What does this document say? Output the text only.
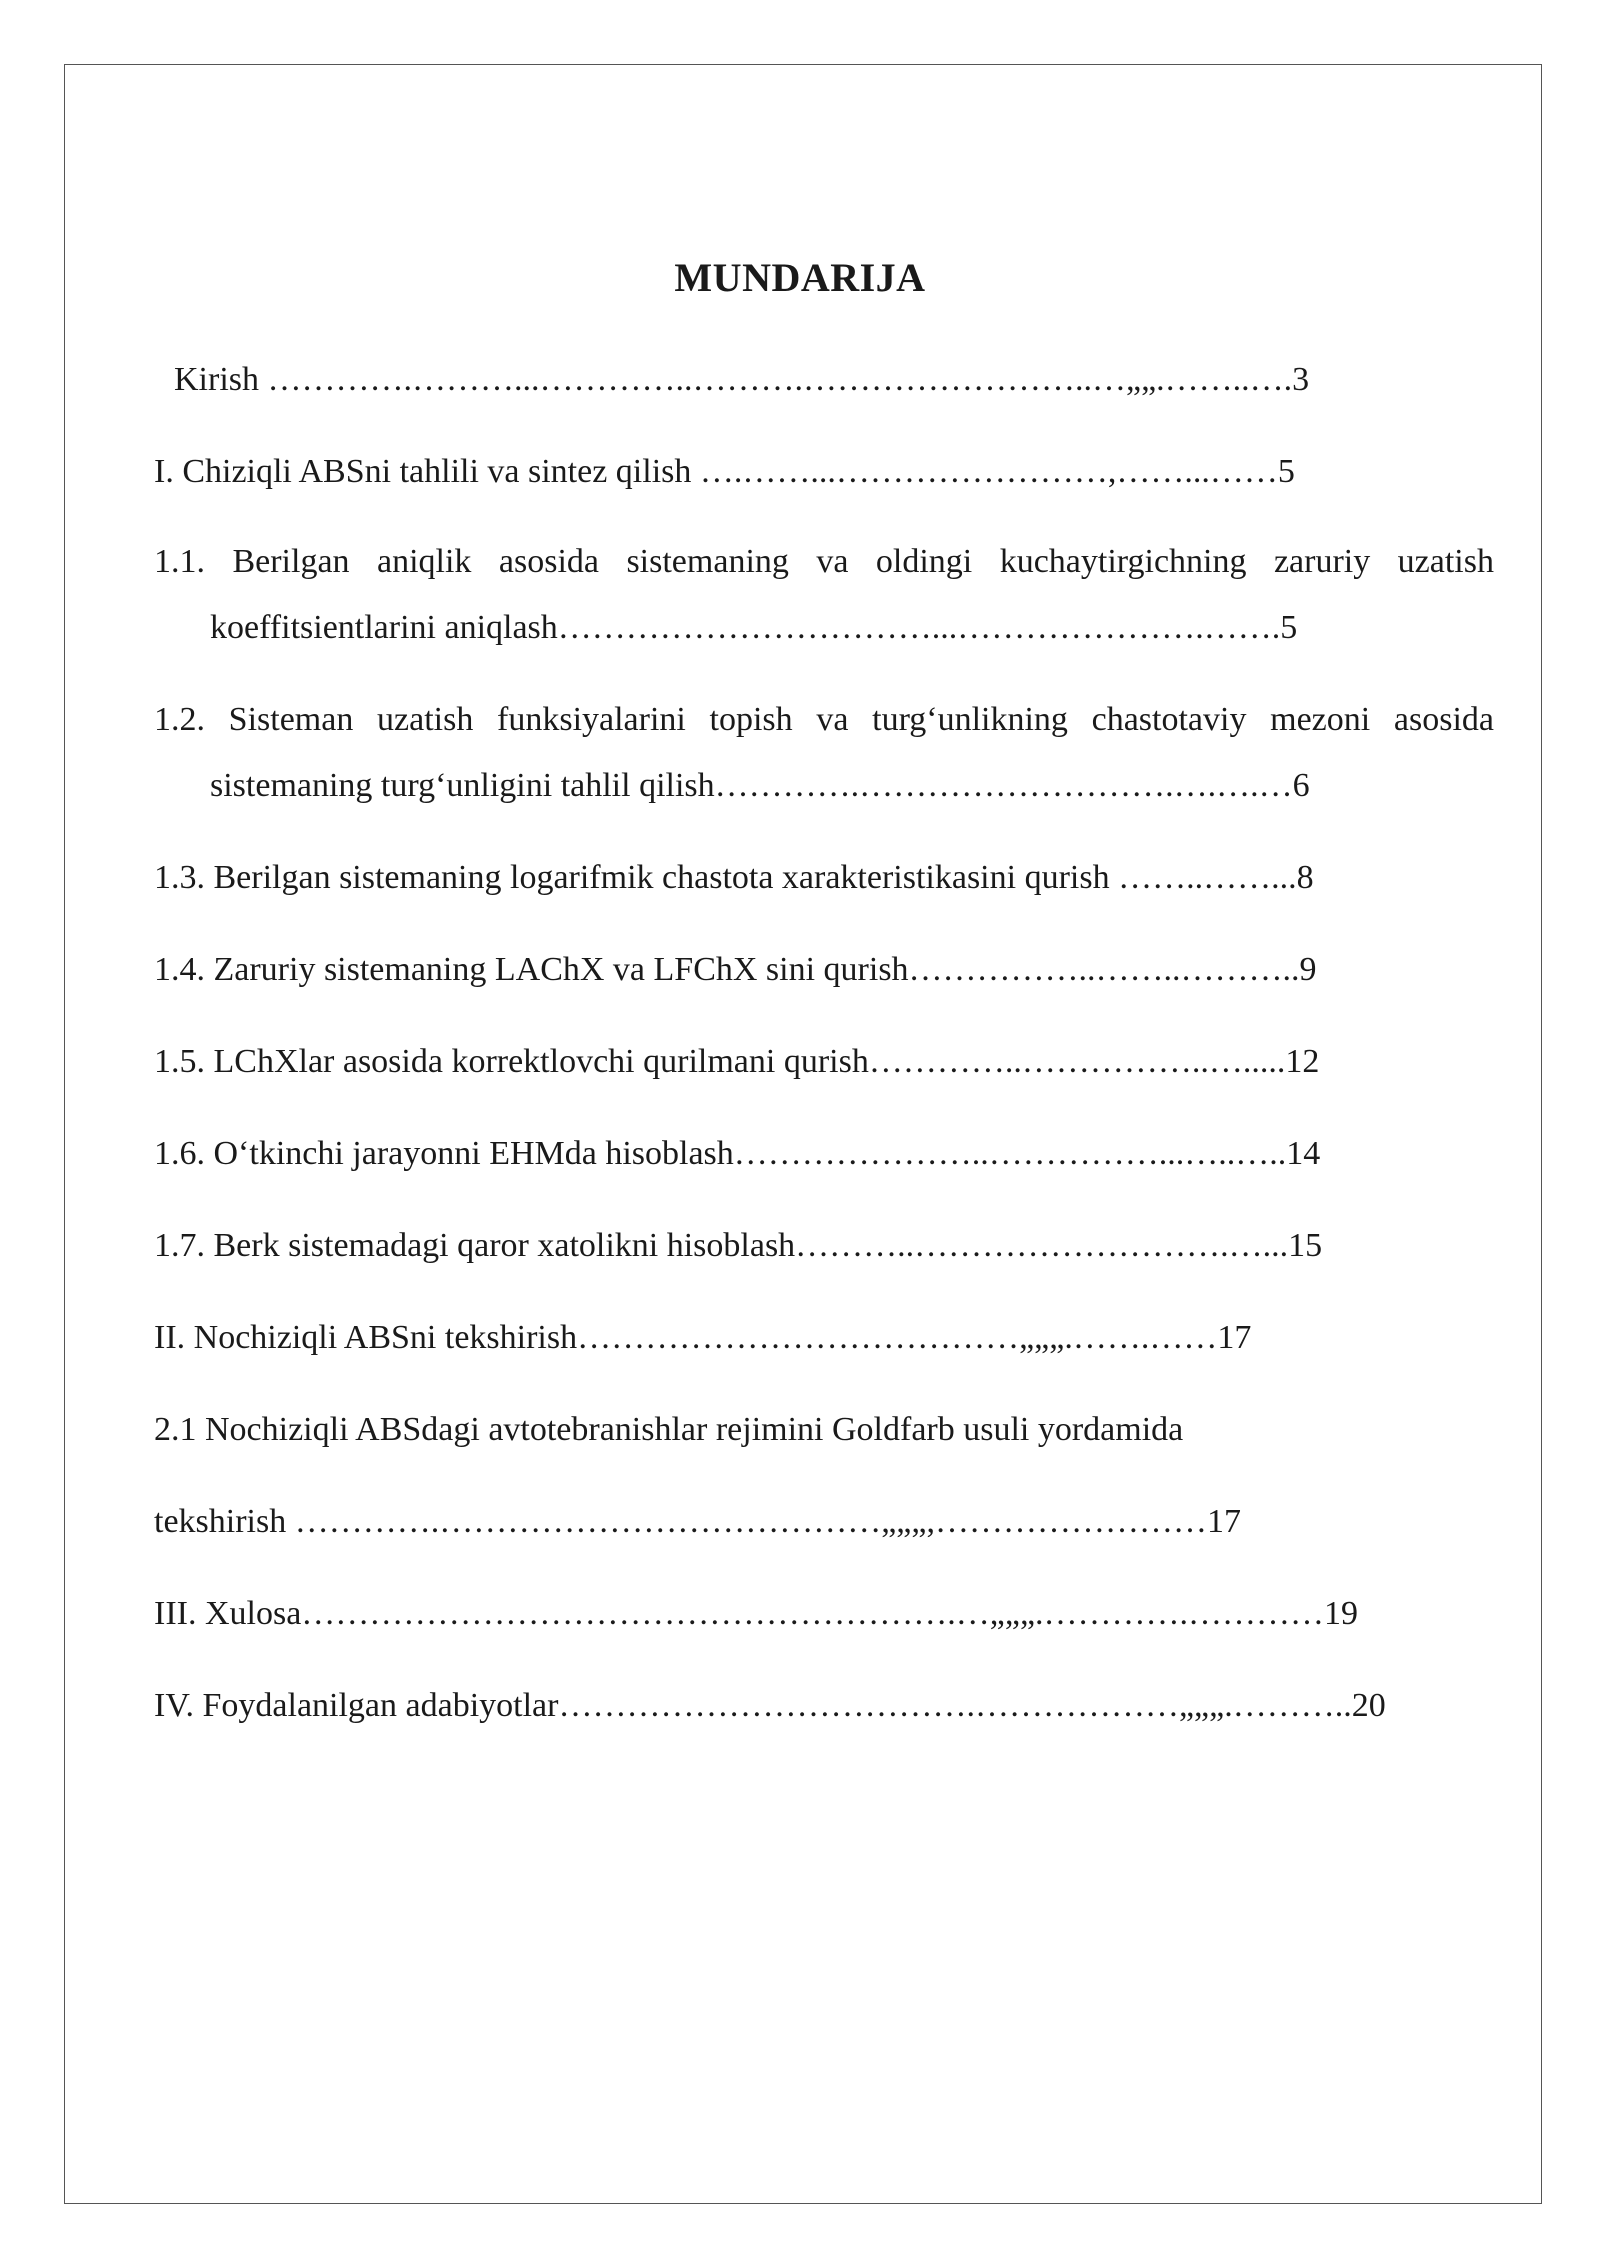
MUNDARIJA
Kirish ………….………...…………..……….……………………..…„„.……..….3
I. Chiziqli ABSni tahlili va sintez qilish ….……...……………………,……...……5
1.1. Berilgan aniqlik asosida sistemaning va oldingi kuchaytirgichning zaruriy uzatish
koeffitsientlarini aniqlash……………………………...………………….…….5
1.2. Sisteman uzatish funksiyalarini topish va turg‘unlikning chastotaviy mezoni asosida
sistemaning turg‘unligini tahlil qilish………….……………………….….….…6
1.3. Berilgan sistemaning logarifmik chastota xarakteristikasini qurish ……..……...8
1.4. Zaruriy sistemaning LAChX va LFChX sini qurish……………..……..………..9
1.5. LChXlar asosida korrektlovchi qurilmani qurish…………..……………..….....12
1.6. O‘tkinchi jarayonni EHMda hisoblash…………………..……………...…..…..14
1.7. Berk sistemadagi qaror xatolikni hisoblash………..……………………….…...15
II. Nochiziqli ABSni tekshirish…………………………………„„„.…….……17
2.1 Nochiziqli ABSdagi avtotebranishlar rejimini Goldfarb usuli yordamida
tekshirish ………….…………………………………„„„,……………………17
III. Xulosa………………………………………………….…„„„.………….…………19
IV. Foydalanilgan adabiyotlar……………………………….………………„„„.………..20
